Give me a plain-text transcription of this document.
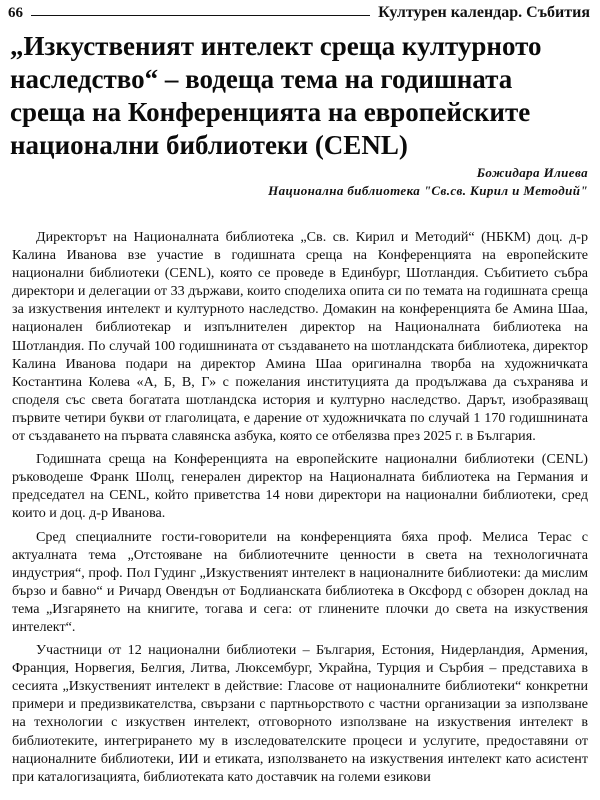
66	Културен календар. Събития
„Изкуственият интелект среща културното наследство“ – водеща тема на годишната среща на Конференцията на европейските национални библиотеки (CENL)
Божидара Илиева
Национална библиотека "Св.св. Кирил и Методий"

Директорът на Националната библиотека „Св. св. Кирил и Методий“ (НБКМ) доц. д-р Калина Иванова взе участие в годишната среща на Конференцията на европейските национални библиотеки (CENL), която се проведе в Единбург, Шотландия. Събитието събра директори и делегации от 33 държави, които споделиха опита си по темата на годишната среща за изкуствения интелект и културното наследство. Домакин на конференцията бе Амина Шаа, национален библиотекар и изпълнителен директор на Националната библиотека на Шотландия. По случай 100 годишнината от създаването на шотландската библиотека, директор Калина Иванова подари на директор Амина Шаа оригинална творба на художничката Костантина Колева «А, Б, В, Г» с пожелания институцията да продължава да съхранява и споделя със света богатата шотландска история и културно наследство. Дарът, изобразяващ първите четири букви от глаголицата, е дарение от художничката по случай 1 170 годишнината от създаването на първата славянска азбука, която се отбелязва през 2025 г. в България.

Годишната среща на Конференцията на европейските национални библиотеки (CENL) ръководеше Франк Шолц, генерален директор на Националната библиотека на Германия и председател на CENL, който приветства 14 нови директори на национални библиотеки, сред които и доц. д-р Иванова.

Сред специалните гости-говорители на конференцията бяха проф. Мелиса Терас с актуалната тема „Отстояване на библиотечните ценности в света на технологичната индустрия“, проф. Пол Гудинг „Изкуственият интелект в националните библиотеки: да мислим бързо и бавно“ и Ричард Овендън от Бодлианската библиотека в Оксфорд с обзорен доклад на тема „Изгарянето на книгите, тогава и сега: от глинените плочки до света на изкуствения интелект“.

Участници от 12 национални библиотеки – България, Естония, Нидерландия, Армения, Франция, Норвегия, Белгия, Литва, Люксембург, Украйна, Турция и Сърбия – представиха в сесията „Изкуственият интелект в действие: Гласове от националните библиотеки“ конкретни примери и предизвикателства, свързани с партньорството с частни организации за използване на технологии с изкуствен интелект, отговорното използване на изкуствения интелект в библиотеките, интегрирането му в изследователските процеси и услугите, предоставяни от националните библиотеки, ИИ и етиката, използването на изкуствения интелект като асистент при каталогизацията, библиотеката като доставчик на големи езикови
